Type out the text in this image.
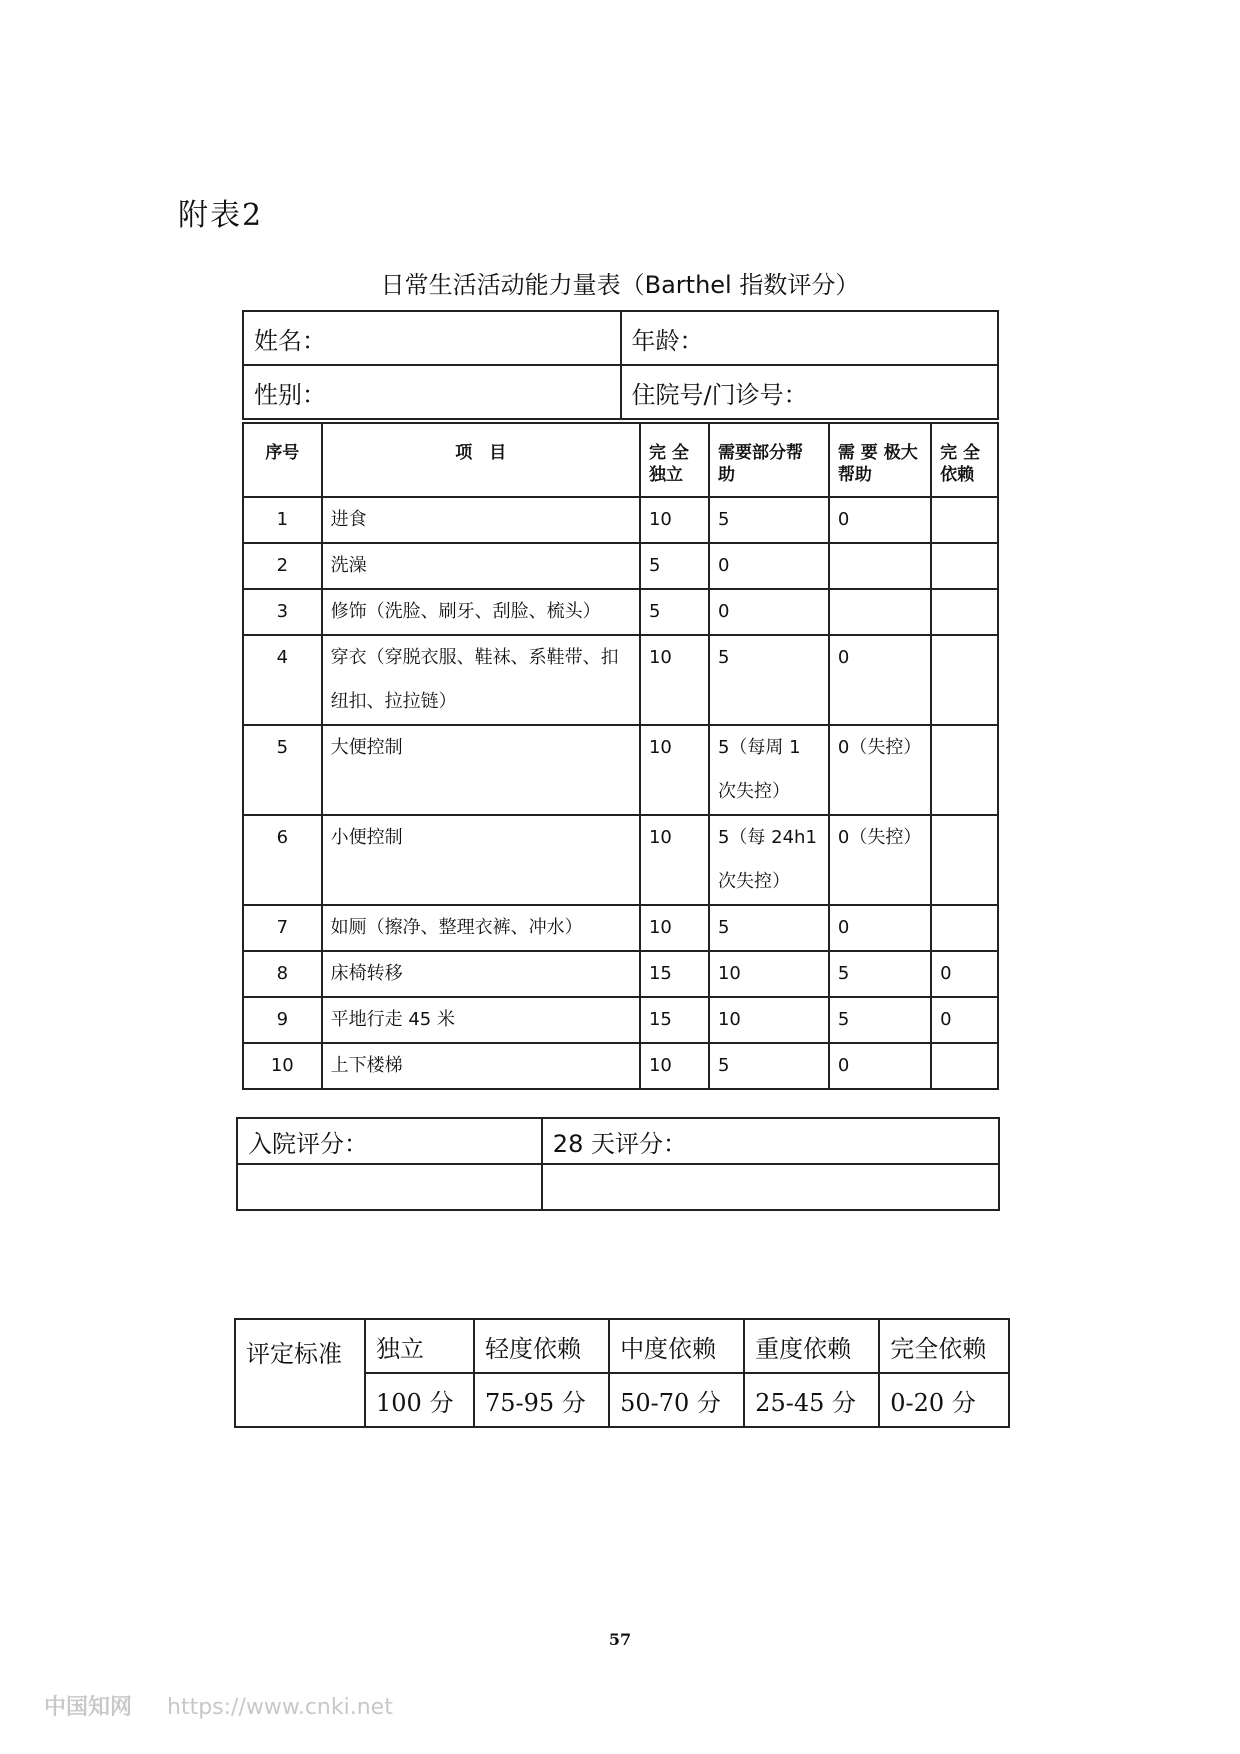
附表2
日常生活活动能力量表（Barthel 指数评分）
姓名：	年龄：
性别：	住院号/门诊号：
序号	项　目	完 全独立	需要部分帮助	需 要 极大帮助	完 全依赖
1	进食	10	5	0	
2	洗澡	5	0		
3	修饰（洗脸、刷牙、刮脸、梳头）	5	0		
4	穿衣（穿脱衣服、鞋袜、系鞋带、扣纽扣、拉拉链）	10	5	0	
5	大便控制	10	5（每周 1 次失控）	0（失控）	
6	小便控制	10	5（每 24h1 次失控）	0（失控）	
7	如厕（擦净、整理衣裤、冲水）	10	5	0	
8	床椅转移	15	10	5	0
9	平地行走 45 米	15	10	5	0
10	上下楼梯	10	5	0	
入院评分：	28 天评分：

评定标准	独立	轻度依赖	中度依赖	重度依赖	完全依赖
	100 分	75-95 分	50-70 分	25-45 分	0-20 分
57
中国知网 https://www.cnki.net
